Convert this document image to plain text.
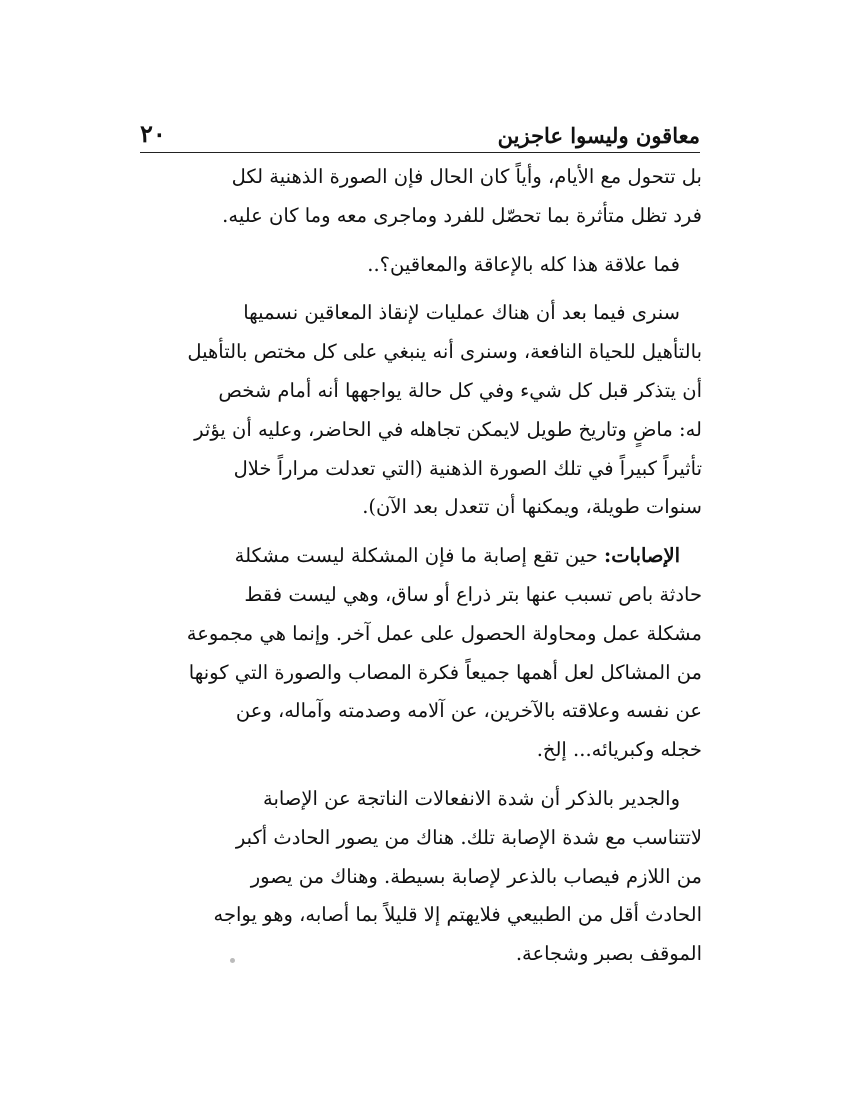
معاقون وليسوا عاجزين
٢٠
بل تتحول مع الأيام، وأياً كان الحال فإن الصورة الذهنية لكل
فرد تظل متأثرة بما تحصّل للفرد وماجرى معه وما كان عليه.
فما علاقة هذا كله بالإعاقة والمعاقين؟..
سنرى فيما بعد أن هناك عمليات لإنقاذ المعاقين نسميها
بالتأهيل للحياة النافعة، وسنرى أنه ينبغي على كل مختص بالتأهيل
أن يتذكر قبل كل شيء وفي كل حالة يواجهها أنه أمام شخص
له: ماضٍ وتاريخ طويل لايمكن تجاهله في الحاضر، وعليه أن يؤثر
تأثيراً كبيراً في تلك الصورة الذهنية (التي تعدلت مراراً خلال
سنوات طويلة، ويمكنها أن تتعدل بعد الآن).
الإصابات: حين تقع إصابة ما فإن المشكلة ليست مشكلة
حادثة باص تسبب عنها بتر ذراع أو ساق، وهي ليست فقط
مشكلة عمل ومحاولة الحصول على عمل آخر. وإنما هي مجموعة
من المشاكل لعل أهمها جميعاً فكرة المصاب والصورة التي كونها
عن نفسه وعلاقته بالآخرين، عن آلامه وصدمته وآماله، وعن
خجله وكبريائه... إلخ.
والجدير بالذكر أن شدة الانفعالات الناتجة عن الإصابة
لاتتناسب مع شدة الإصابة تلك. هناك من يصور الحادث أكبر
من اللازم فيصاب بالذعر لإصابة بسيطة. وهناك من يصور
الحادث أقل من الطبيعي فلايهتم إلا قليلاً بما أصابه، وهو يواجه
الموقف بصبر وشجاعة.
